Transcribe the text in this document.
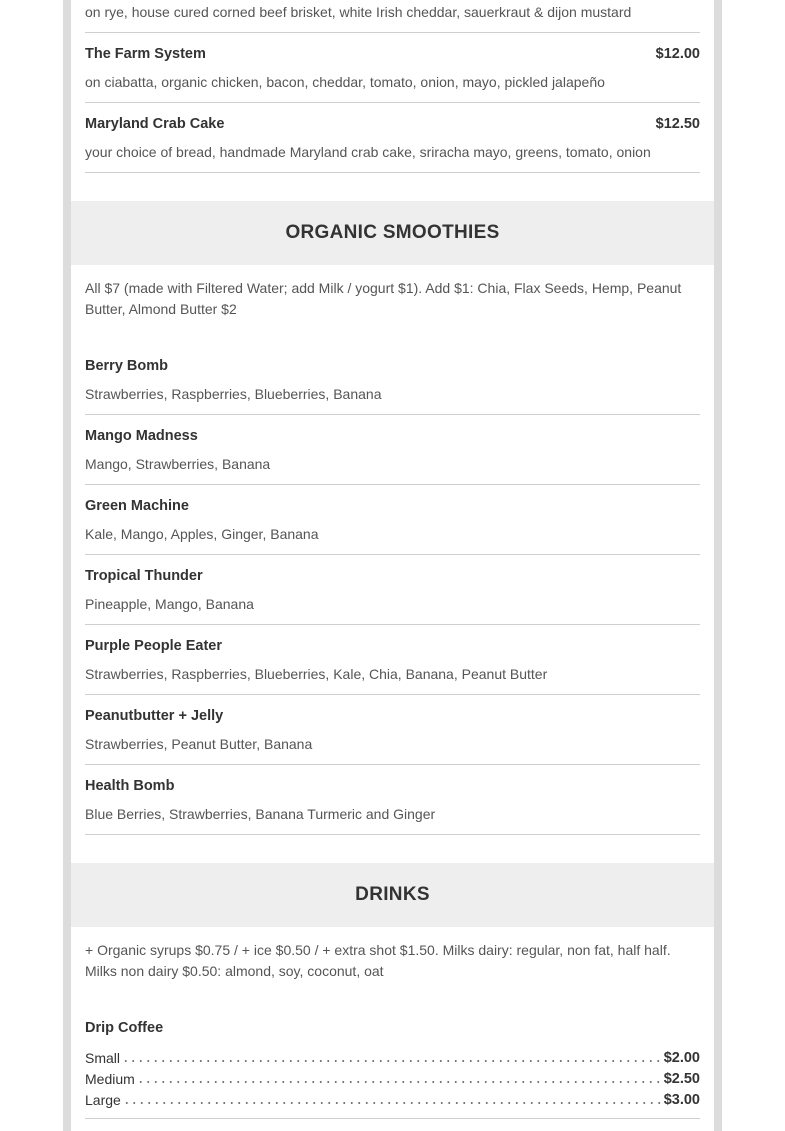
on rye, house cured corned beef brisket, white Irish cheddar, sauerkraut & dijon mustard
The Farm System	$12.00
on ciabatta, organic chicken, bacon, cheddar, tomato, onion, mayo, pickled jalapeño
Maryland Crab Cake	$12.50
your choice of bread, handmade Maryland crab cake, sriracha mayo, greens, tomato, onion
ORGANIC SMOOTHIES
All $7 (made with Filtered Water; add Milk / yogurt $1). Add $1: Chia, Flax Seeds, Hemp, Peanut Butter, Almond Butter $2
Berry Bomb
Strawberries, Raspberries, Blueberries, Banana
Mango Madness
Mango, Strawberries, Banana
Green Machine
Kale, Mango, Apples, Ginger, Banana
Tropical Thunder
Pineapple, Mango, Banana
Purple People Eater
Strawberries, Raspberries, Blueberries, Kale, Chia, Banana, Peanut Butter
Peanutbutter + Jelly
Strawberries, Peanut Butter, Banana
Health Bomb
Blue Berries, Strawberries, Banana Turmeric and Ginger
DRINKS
+ Organic syrups $0.75 / + ice $0.50 / + extra shot $1.50. Milks dairy: regular, non fat, half half. Milks non dairy $0.50: almond, soy, coconut, oat
Drip Coffee
Small	$2.00
Medium	$2.50
Large	$3.00
